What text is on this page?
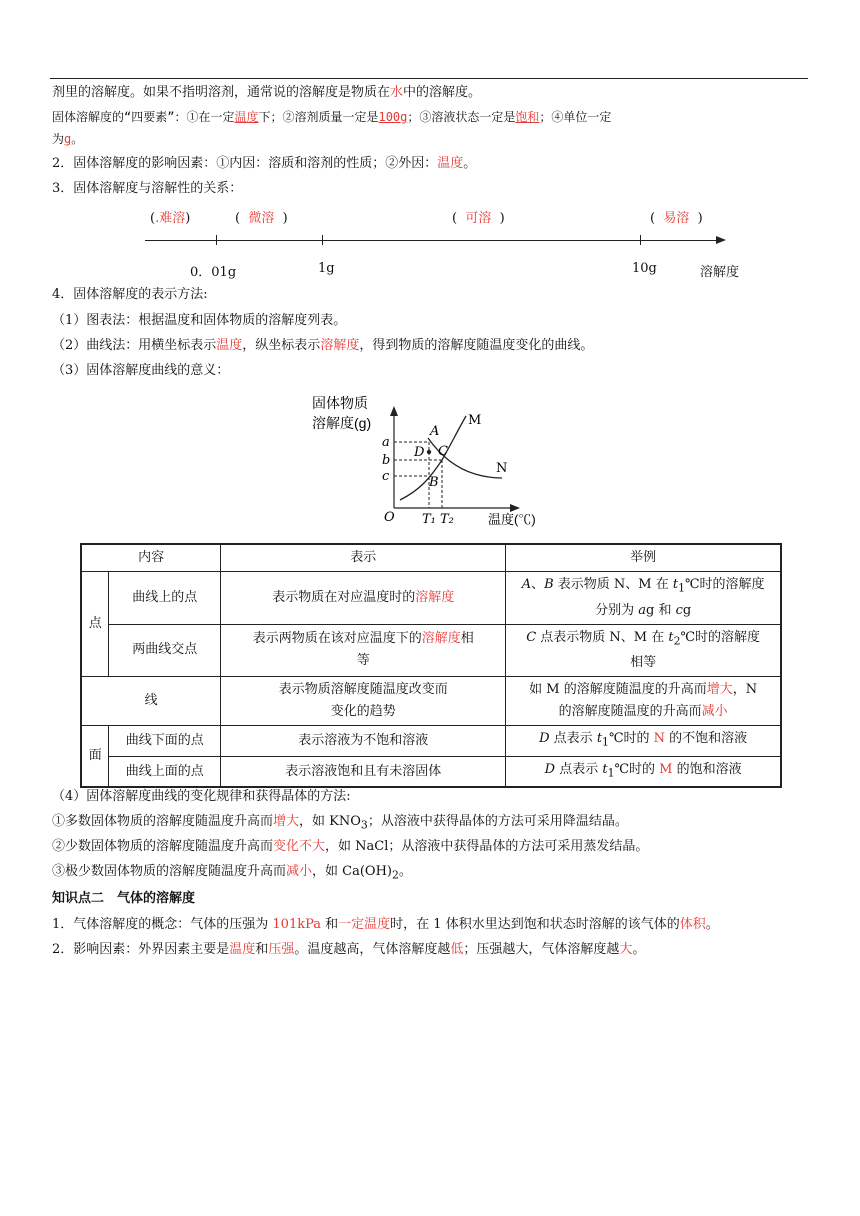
剂里的溶解度。如果不指明溶剂，通常说的溶解度是物质在水中的溶解度。
固体溶解度的“四要素”：①在一定温度下；②溶剂质量一定是100g；③溶液状态一定是饱和；④单位一定
为g。
2．固体溶解度的影响因素：①内因：溶质和溶剂的性质；②外因：温度。
3．固体溶解度与溶解性的关系：
(.难溶)	( 微溶 )	( 可溶 )	( 易溶 )
0．01g	1g	10g	溶解度
4．固体溶解度的表示方法:
（1）图表法：根据温度和固体物质的溶解度列表。
（2）曲线法：用横坐标表示温度，纵坐标表示溶解度，得到物质的溶解度随温度变化的曲线。
（3）固体溶解度曲线的意义：
固体物质
溶解度(g)
a
b
c
O T₁ T₂
A
C
D
B
M
N
温度(℃)
内容		表示	举例
点	曲线上的点	表示物质在对应温度时的溶解度	A、B 表示物质 N、M 在 $t_1℃$时的溶解度
分别为 ag 和 cg
	两曲线交点	表示两物质在该对应温度下的溶解度相
等	C 点表示物质 N、M 在 $t_2℃$时的溶解度
相等
线		表示物质溶解度随温度改变而
变化的趋势	如 M 的溶解度随温度的升高而增大，N
的溶解度随温度的升高而减小
面	曲线下面的点	表示溶液为不饱和溶液	D 点表示 $t_1℃$时的 N 的不饱和溶液
	曲线上面的点	表示溶液饱和且有未溶固体	D 点表示 $t_1℃$时的 M 的饱和溶液
（4）固体溶解度曲线的变化规律和获得晶体的方法:
①多数固体物质的溶解度随温度升高而增大，如 $KNO_3$；从溶液中获得晶体的方法可采用降温结晶。
②少数固体物质的溶解度随温度升高而变化不大，如 NaCl；从溶液中获得晶体的方法可采用蒸发结晶。
③极少数固体物质的溶解度随温度升高而减小，如 $Ca(OH)_2$。
知识点二　气体的溶解度
1．气体溶解度的概念：气体的压强为 101kPa 和一定温度时，在 1 体积水里达到饱和状态时溶解的该气体的体积。
2．影响因素：外界因素主要是温度和压强。温度越高，气体溶解度越低；压强越大，气体溶解度越大。
